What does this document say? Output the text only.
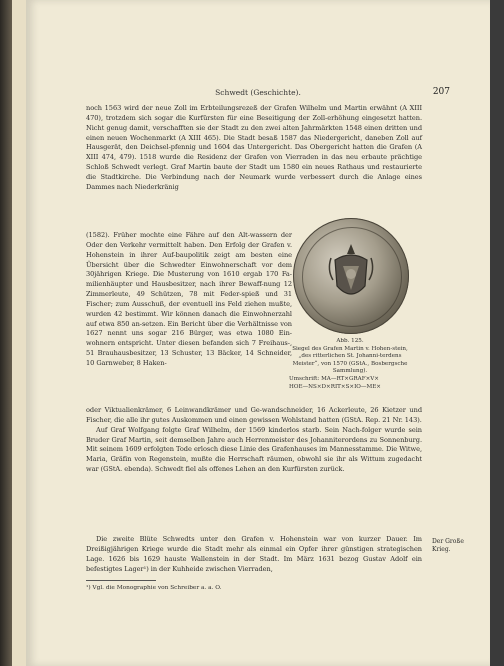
Schwedt (Geschichte).	207

noch 1563 wird der neue Zoll im Erbteilungsrezeß der Grafen Wilhelm und Martin erwähnt (A XIII 470), trotzdem sich sogar die Kurfürsten für eine Beseitigung der Zoll-erhöhung eingesetzt hatten. Nicht genug damit, verschafften sie der Stadt zu den zwei alten Jahrmärkten 1548 einen dritten und einen neuen Wochenmarkt (A XIII 465). Die Stadt besaß 1587 das Niedergericht, daneben Zoll auf Hausgerät, den Deichsel-pfennig und 1604 das Untergericht. Das Obergericht hatten die Grafen (A XIII 474, 479). 1518 wurde die Residenz der Grafen von Vierraden in das neu erbaute prächtige Schloß Schwedt verlegt. Graf Martin baute der Stadt um 1580 ein neues Rathaus und restaurierte die Stadtkirche. Die Verbindung nach der Neumark wurde verbessert durch die Anlage eines Dammes nach Niederkränig

(1582). Früher mochte eine Fähre auf den Alt-wassern der Oder den Verkehr vermittelt haben. Den Erfolg der Grafen v. Hohenstein in ihrer Auf-baupolitik zeigt am besten eine Übersicht über die Schwedter Einwohnerschaft vor dem 30jährigen Kriege. Die Musterung von 1610 ergab 170 Fa-milienhäupter und Hausbesitzer, nach ihrer Bewaff-nung 12 Zimmerleute, 49 Schützen, 78 mit Feder-spieß und 31 Fischer; zum Ausschuß, der eventuell ins Feld ziehen mußte, wurden 42 bestimmt. Wir können danach die Einwohnerzahl auf etwa 850 an-setzen. Ein Bericht über die Verhältnisse von 1627 nennt uns sogar 216 Bürger, was etwa 1080 Ein-wohnern entspricht. Unter diesen befanden sich 7 Freihaus-, 51 Brauhausbesitzer, 13 Schuster, 13 Bäcker, 14 Schneider, 10 Garnweber, 8 Haken-

Abb. 125.
Siegel des Grafen Martin v. Hohen-stein, „des ritterlichen St. Johanni-terdens Meister“, von 1570 (GStA., Bosbergsche Sammlung).
Umschrift: MA—RT×GRAF×V×
HOE—NS×D×RIT×S×IO—ME×

oder Viktualienkrämer, 6 Leinwandkrämer und Ge-wandschneider, 16 Ackerleute, 26 Kietzer und Fischer, die alle ihr gutes Auskommen und einen gewissen Wohlstand hatten (GStA. Rep. 21 Nr. 143).

Auf Graf Wolfgang folgte Graf Wilhelm, der 1569 kinderlos starb. Sein Nach-folger wurde sein Bruder Graf Martin, seit demselben Jahre auch Herrenmeister des Johanniterordens zu Sonnenburg. Mit seinem 1609 erfolgten Tode erlosch diese Linie des Grafenhauses im Mannesstamme. Die Witwe, Maria, Gräfin von Regenstein, mußte die Herrschaft räumen, obwohl sie ihr als Wittum zugedacht war (GStA. ebenda). Schwedt fiel als offenes Lehen an den Kurfürsten zurück.

Die zweite Blüte Schwedts unter den Grafen v. Hohenstein war von kurzer Dauer. Im Dreißigjährigen Kriege wurde die Stadt mehr als einmal ein Opfer ihrer günstigen strategischen Lage. 1626 bis 1629 hauste Wallenstein in der Stadt. Im März 1631 bezog Gustav Adolf ein befestigtes Lager¹) in der Kuhheide zwischen Vierraden,

Der Große Krieg.
¹) Vgl. die Monographie von Schreiber a. a. O.
